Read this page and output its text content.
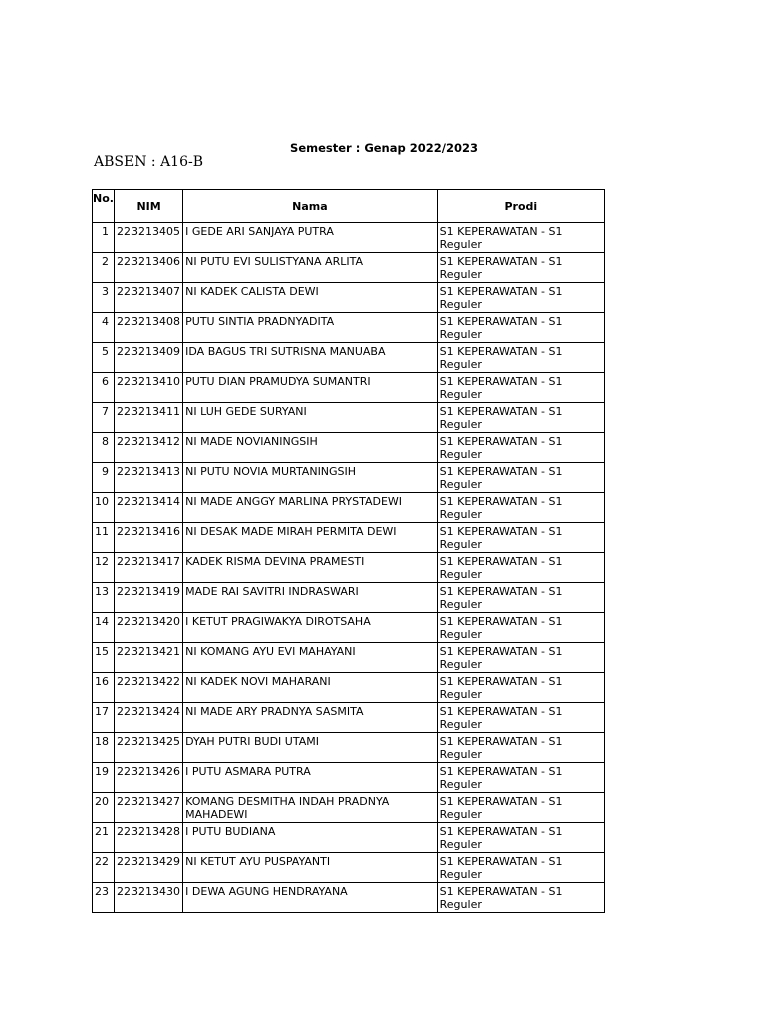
Semester : Genap 2022/2023
ABSEN : A16-B
No.	NIM	Nama	Prodi
1	223213405	I GEDE ARI SANJAYA PUTRA	S1 KEPERAWATAN - S1 Reguler
2	223213406	NI PUTU EVI SULISTYANA ARLITA	S1 KEPERAWATAN - S1 Reguler
3	223213407	NI KADEK CALISTA DEWI	S1 KEPERAWATAN - S1 Reguler
4	223213408	PUTU SINTIA PRADNYADITA	S1 KEPERAWATAN - S1 Reguler
5	223213409	IDA BAGUS TRI SUTRISNA MANUABA	S1 KEPERAWATAN - S1 Reguler
6	223213410	PUTU DIAN PRAMUDYA SUMANTRI	S1 KEPERAWATAN - S1 Reguler
7	223213411	NI LUH GEDE SURYANI	S1 KEPERAWATAN - S1 Reguler
8	223213412	NI MADE NOVIANINGSIH	S1 KEPERAWATAN - S1 Reguler
9	223213413	NI PUTU NOVIA MURTANINGSIH	S1 KEPERAWATAN - S1 Reguler
10	223213414	NI MADE ANGGY MARLINA PRYSTADEWI	S1 KEPERAWATAN - S1 Reguler
11	223213416	NI DESAK MADE MIRAH PERMITA DEWI	S1 KEPERAWATAN - S1 Reguler
12	223213417	KADEK RISMA DEVINA PRAMESTI	S1 KEPERAWATAN - S1 Reguler
13	223213419	MADE RAI SAVITRI INDRASWARI	S1 KEPERAWATAN - S1 Reguler
14	223213420	I KETUT PRAGIWAKYA DIROTSAHA	S1 KEPERAWATAN - S1 Reguler
15	223213421	NI KOMANG AYU EVI MAHAYANI	S1 KEPERAWATAN - S1 Reguler
16	223213422	NI KADEK NOVI MAHARANI	S1 KEPERAWATAN - S1 Reguler
17	223213424	NI MADE ARY PRADNYA SASMITA	S1 KEPERAWATAN - S1 Reguler
18	223213425	DYAH PUTRI BUDI UTAMI	S1 KEPERAWATAN - S1 Reguler
19	223213426	I PUTU ASMARA PUTRA	S1 KEPERAWATAN - S1 Reguler
20	223213427	KOMANG DESMITHA INDAH PRADNYA MAHADEWI	S1 KEPERAWATAN - S1 Reguler
21	223213428	I PUTU BUDIANA	S1 KEPERAWATAN - S1 Reguler
22	223213429	NI KETUT AYU PUSPAYANTI	S1 KEPERAWATAN - S1 Reguler
23	223213430	I DEWA AGUNG HENDRAYANA	S1 KEPERAWATAN - S1 Reguler
